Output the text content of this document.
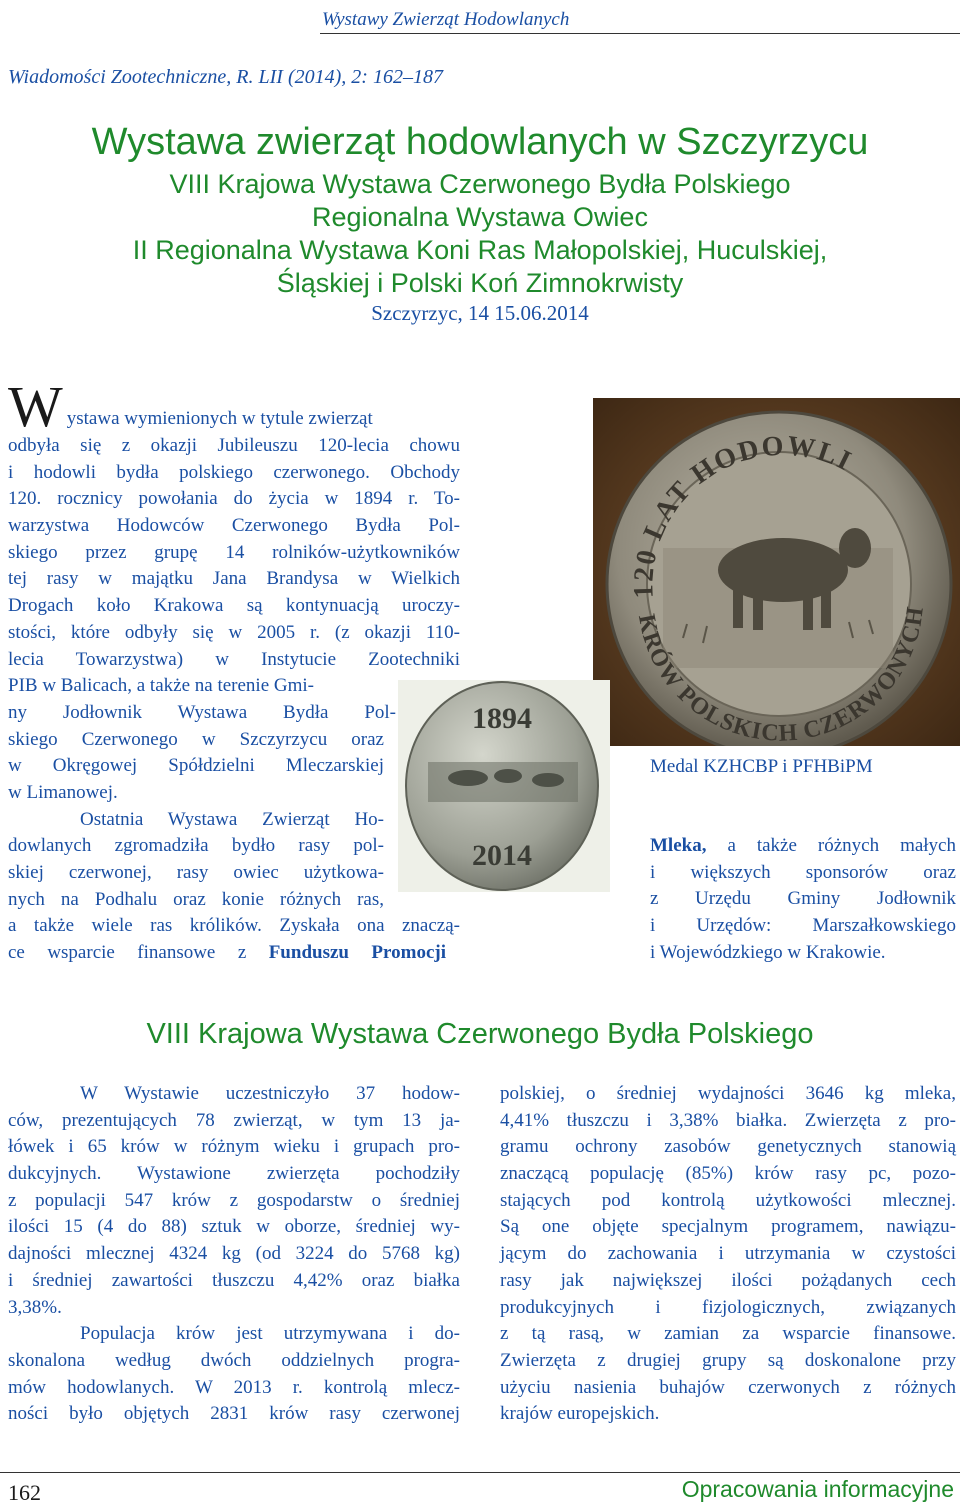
Wystawy Zwierząt Hodowlanych
Wiadomości Zootechniczne, R. LII (2014), 2: 162–187
Wystawa zwierząt hodowlanych w Szczyrzycu
VIII Krajowa Wystawa Czerwonego Bydła Polskiego
Regionalna Wystawa Owiec
II Regionalna Wystawa Koni Ras Małopolskiej, Huculskiej,
Śląskiej i Polski Koń Zimnokrwisty
Szczyrzyc, 14 15.06.2014
W ystawa wymienionych w tytule zwierząt
odbyła się z okazji Jubileuszu 120-lecia chowu
i hodowli bydła polskiego czerwonego. Obchody
120. rocznicy powołania do życia w 1894 r. To-
warzystwa Hodowców Czerwonego Bydła Pol-
skiego przez grupę 14 rolników-użytkowników
tej rasy w majątku Jana Brandysa w Wielkich
Drogach koło Krakowa są kontynuacją uroczy-
stości, które odbyły się w 2005 r. (z okazji 110-
lecia Towarzystwa) w Instytucie Zootechniki
PIB w Balicach, a także na terenie Gmi-
ny Jodłownik Wystawa Bydła Pol-
skiego Czerwonego w Szczyrzycu oraz
w Okręgowej Spółdzielni Mleczarskiej
w Limanowej.
Ostatnia Wystawa Zwierząt Ho-
dowlanych zgromadziła bydło rasy pol-
skiej czerwonej, rasy owiec użytkowa-
nych na Podhalu oraz konie różnych ras,
a także wiele ras królików. Zyskała ona znaczą-
ce wsparcie finansowe z Funduszu Promocji
120 LAT HODOWLI
KRÓW POLSKICH CZERWONYCH
1894
2014
Medal KZHCBP i PFHBiPM
Mleka, a także różnych małych
i większych sponsorów oraz
z Urzędu Gminy Jodłownik
i Urzędów: Marszałkowskiego
i Wojewódzkiego w Krakowie.
VIII Krajowa Wystawa Czerwonego Bydła Polskiego
W Wystawie uczestniczyło 37 hodow-
ców, prezentujących 78 zwierząt, w tym 13 ja-
łówek i 65 krów w różnym wieku i grupach pro-
dukcyjnych. Wystawione zwierzęta pochodziły
z populacji 547 krów z gospodarstw o średniej
ilości 15 (4 do 88) sztuk w oborze, średniej wy-
dajności mlecznej 4324 kg (od 3224 do 5768 kg)
i średniej zawartości tłuszczu 4,42% oraz białka
3,38%.
Populacja krów jest utrzymywana i do-
skonalona według dwóch oddzielnych progra-
mów hodowlanych. W 2013 r. kontrolą mlecz-
ności było objętych 2831 krów rasy czerwonej
polskiej, o średniej wydajności 3646 kg mleka,
4,41% tłuszczu i 3,38% białka. Zwierzęta z pro-
gramu ochrony zasobów genetycznych stanowią
znaczącą populację (85%) krów rasy pc, pozo-
stających pod kontrolą użytkowości mlecznej.
Są one objęte specjalnym programem, nawiązu-
jącym do zachowania i utrzymania w czystości
rasy jak największej ilości pożądanych cech
produkcyjnych i fizjologicznych, związanych
z tą rasą, w zamian za wsparcie finansowe.
Zwierzęta z drugiej grupy są doskonalone przy
użyciu nasienia buhajów czerwonych z różnych
krajów europejskich.
162	Opracowania informacyjne
